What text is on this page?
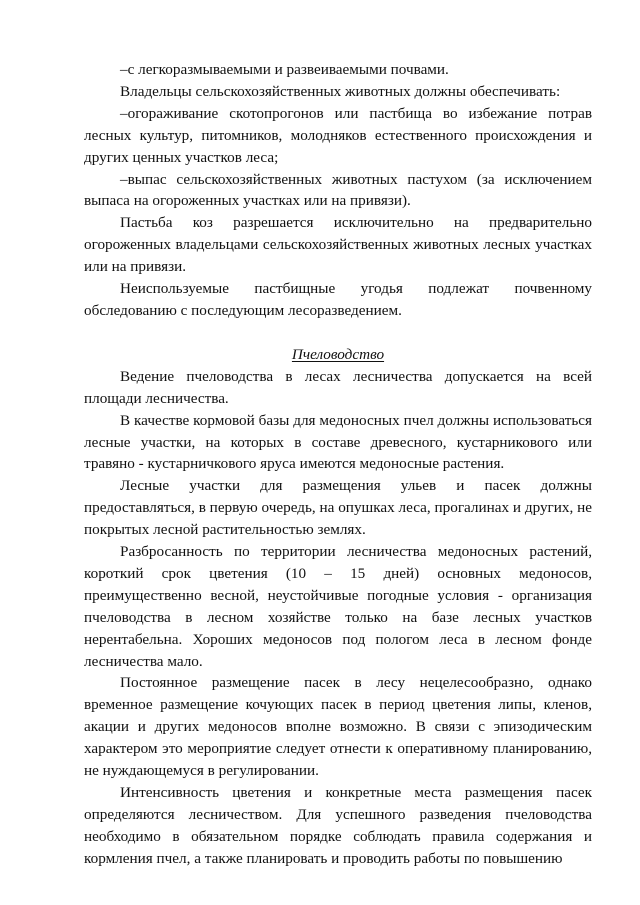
–с легкоразмываемыми и развеиваемыми почвами.

Владельцы сельскохозяйственных животных должны обеспечивать:

–огораживание скотопрогонов или пастбища во избежание потрав лесных культур, питомников, молодняков естественного происхождения и других ценных участков леса;

–выпас сельскохозяйственных животных пастухом (за исключением выпаса на огороженных участках или на привязи).

Пастьба коз разрешается исключительно на предварительно огороженных владельцами сельскохозяйственных животных лесных участках или на привязи.

Неиспользуемые пастбищные угодья подлежат почвенному обследованию с последующим лесоразведением.

Пчеловодство

Ведение пчеловодства в лесах лесничества допускается на всей площади лесничества.

В качестве кормовой базы для медоносных пчел должны использоваться лесные участки, на которых в составе древесного, кустарникового или травяно - кустарничкового яруса имеются медоносные растения.

Лесные участки для размещения ульев и пасек должны предоставляться, в первую очередь, на опушках леса, прогалинах и других, не покрытых лесной растительностью землях.

Разбросанность по территории лесничества медоносных растений, короткий срок цветения (10 – 15 дней) основных медоносов, преимущественно весной, неустойчивые погодные условия - организация пчеловодства в лесном хозяйстве только на базе лесных участков нерентабельна. Хороших медоносов под пологом леса в лесном фонде лесничества мало.

Постоянное размещение пасек в лесу нецелесообразно, однако временное размещение кочующих пасек в период цветения липы, кленов, акации и других медоносов вполне возможно. В связи с эпизодическим характером это мероприятие следует отнести к оперативному планированию, не нуждающемуся в регулировании.

Интенсивность цветения и конкретные места размещения пасек определяются лесничеством. Для успешного разведения пчеловодства необходимо в обязательном порядке соблюдать правила содержания и кормления пчел, а также планировать и проводить работы по повышению
